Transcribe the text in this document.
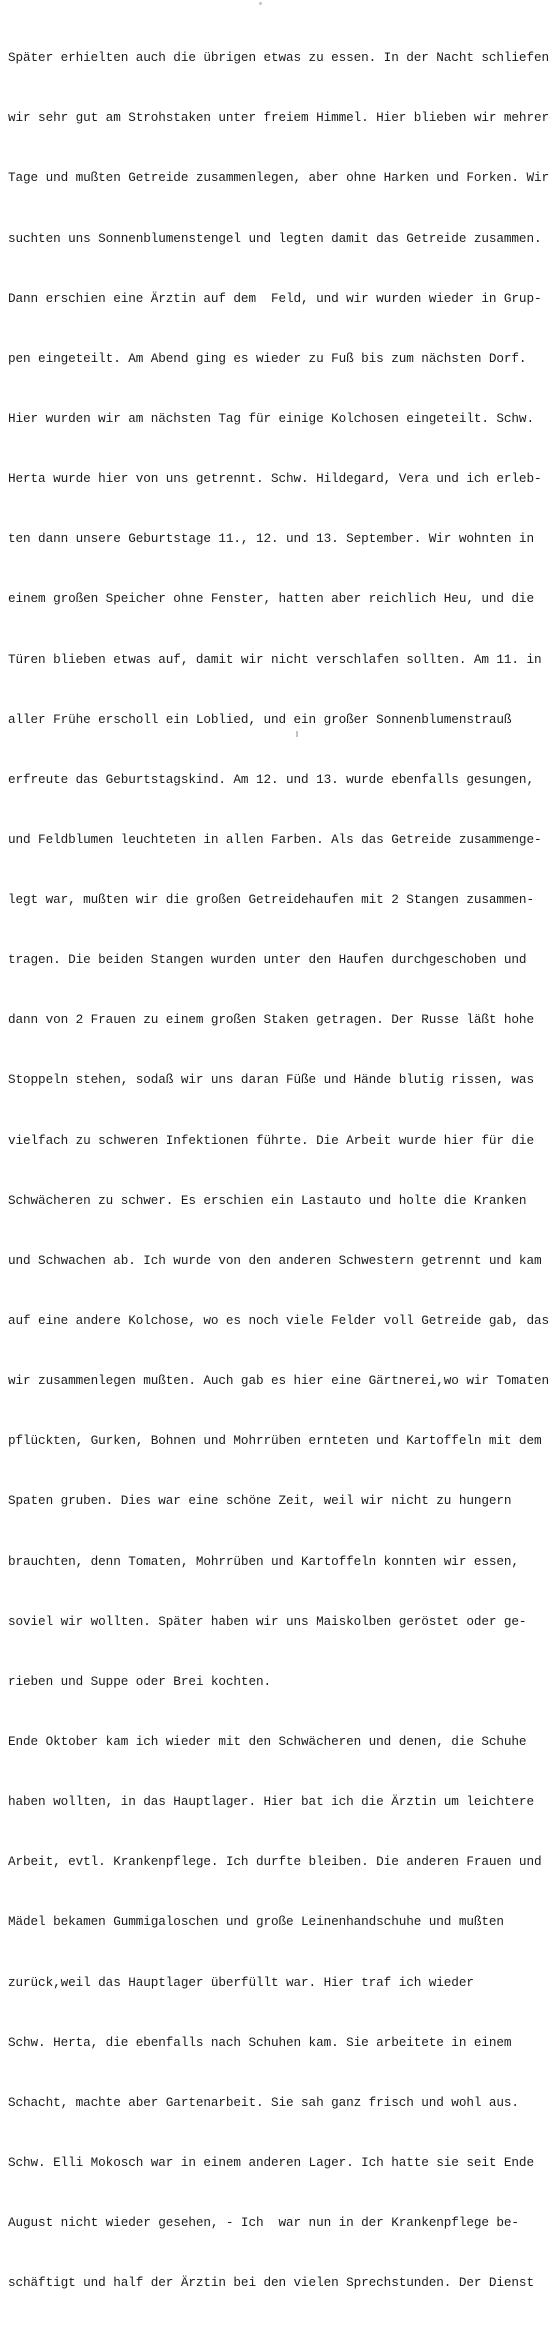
Später erhielten auch die übrigen etwas zu essen. In der Nacht schliefen

wir sehr gut am Strohstaken unter freiem Himmel. Hier blieben wir mehrer

Tage und mußten Getreide zusammenlegen, aber ohne Harken und Forken. Wir

suchten uns Sonnenblumenstengel und legten damit das Getreide zusammen.

Dann erschien eine Ärztin auf dem  Feld, und wir wurden wieder in Grup-

pen eingeteilt. Am Abend ging es wieder zu Fuß bis zum nächsten Dorf.

Hier wurden wir am nächsten Tag für einige Kolchosen eingeteilt. Schw.

Herta wurde hier von uns getrennt. Schw. Hildegard, Vera und ich erleb-

ten dann unsere Geburtstage 11., 12. und 13. September. Wir wohnten in

einem großen Speicher ohne Fenster, hatten aber reichlich Heu, und die

Türen blieben etwas auf, damit wir nicht verschlafen sollten. Am 11. in

aller Frühe erscholl ein Loblied, und ein großer Sonnenblumenstrauß

erfreute das Geburtstagskind. Am 12. und 13. wurde ebenfalls gesungen,

und Feldblumen leuchteten in allen Farben. Als das Getreide zusammenge-

legt war, mußten wir die großen Getreidehaufen mit 2 Stangen zusammen-

tragen. Die beiden Stangen wurden unter den Haufen durchgeschoben und

dann von 2 Frauen zu einem großen Staken getragen. Der Russe läßt hohe

Stoppeln stehen, sodaß wir uns daran Füße und Hände blutig rissen, was

vielfach zu schweren Infektionen führte. Die Arbeit wurde hier für die

Schwächeren zu schwer. Es erschien ein Lastauto und holte die Kranken

und Schwachen ab. Ich wurde von den anderen Schwestern getrennt und kam

auf eine andere Kolchose, wo es noch viele Felder voll Getreide gab, das

wir zusammenlegen mußten. Auch gab es hier eine Gärtnerei,wo wir Tomaten

pflückten, Gurken, Bohnen und Mohrrüben ernteten und Kartoffeln mit dem

Spaten gruben. Dies war eine schöne Zeit, weil wir nicht zu hungern

brauchten, denn Tomaten, Mohrrüben und Kartoffeln konnten wir essen,

soviel wir wollten. Später haben wir uns Maiskolben geröstet oder ge-

rieben und Suppe oder Brei kochten.

Ende Oktober kam ich wieder mit den Schwächeren und denen, die Schuhe

haben wollten, in das Hauptlager. Hier bat ich die Ärztin um leichtere

Arbeit, evtl. Krankenpflege. Ich durfte bleiben. Die anderen Frauen und

Mädel bekamen Gummigaloschen und große Leinenhandschuhe und mußten

zurück,weil das Hauptlager überfüllt war. Hier traf ich wieder

Schw. Herta, die ebenfalls nach Schuhen kam. Sie arbeitete in einem

Schacht, machte aber Gartenarbeit. Sie sah ganz frisch und wohl aus.

Schw. Elli Mokosch war in einem anderen Lager. Ich hatte sie seit Ende

August nicht wieder gesehen, - Ich  war nun in der Krankenpflege be-

schäftigt und half der Ärztin bei den vielen Sprechstunden. Der Dienst
